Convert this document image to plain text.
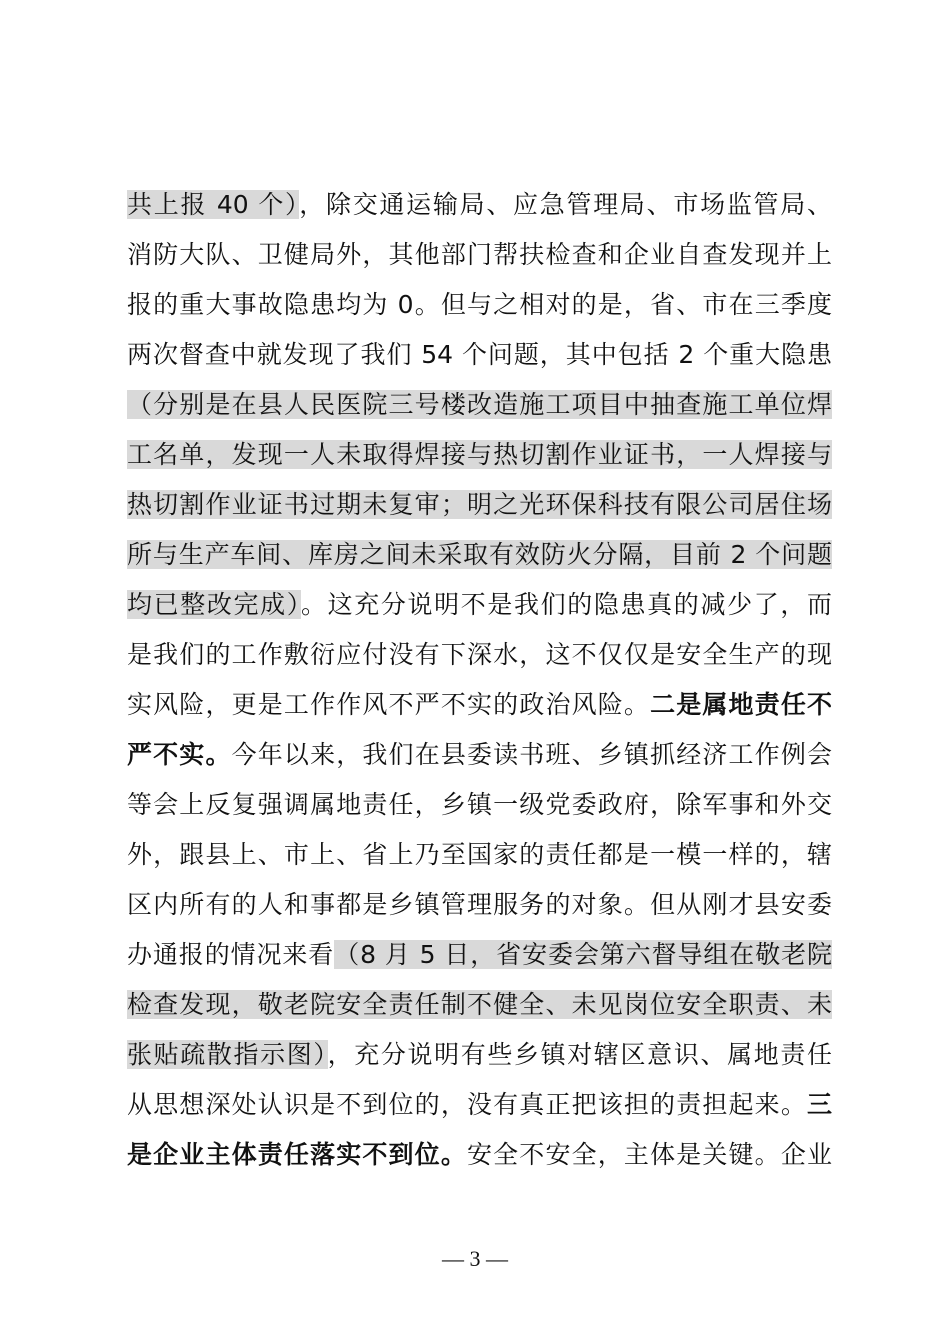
共上报 40 个），除交通运输局、应急管理局、市场监管局、
消防大队、卫健局外，其他部门帮扶检查和企业自查发现并上
报的重大事故隐患均为 0。但与之相对的是，省、市在三季度
两次督查中就发现了我们 54 个问题，其中包括 2 个重大隐患
（分别是在县人民医院三号楼改造施工项目中抽查施工单位焊
工名单，发现一人未取得焊接与热切割作业证书，一人焊接与
热切割作业证书过期未复审；明之光环保科技有限公司居住场
所与生产车间、库房之间未采取有效防火分隔，目前 2 个问题
均已整改完成）。这充分说明不是我们的隐患真的减少了，而
是我们的工作敷衍应付没有下深水，这不仅仅是安全生产的现
实风险，更是工作作风不严不实的政治风险。二是属地责任不
严不实。今年以来，我们在县委读书班、乡镇抓经济工作例会
等会上反复强调属地责任，乡镇一级党委政府，除军事和外交
外，跟县上、市上、省上乃至国家的责任都是一模一样的，辖
区内所有的人和事都是乡镇管理服务的对象。但从刚才县安委
办通报的情况来看（8 月 5 日，省安委会第六督导组在敬老院
检查发现，敬老院安全责任制不健全、未见岗位安全职责、未
张贴疏散指示图），充分说明有些乡镇对辖区意识、属地责任
从思想深处认识是不到位的，没有真正把该担的责担起来。三
是企业主体责任落实不到位。安全不安全，主体是关键。企业
— 3 —
